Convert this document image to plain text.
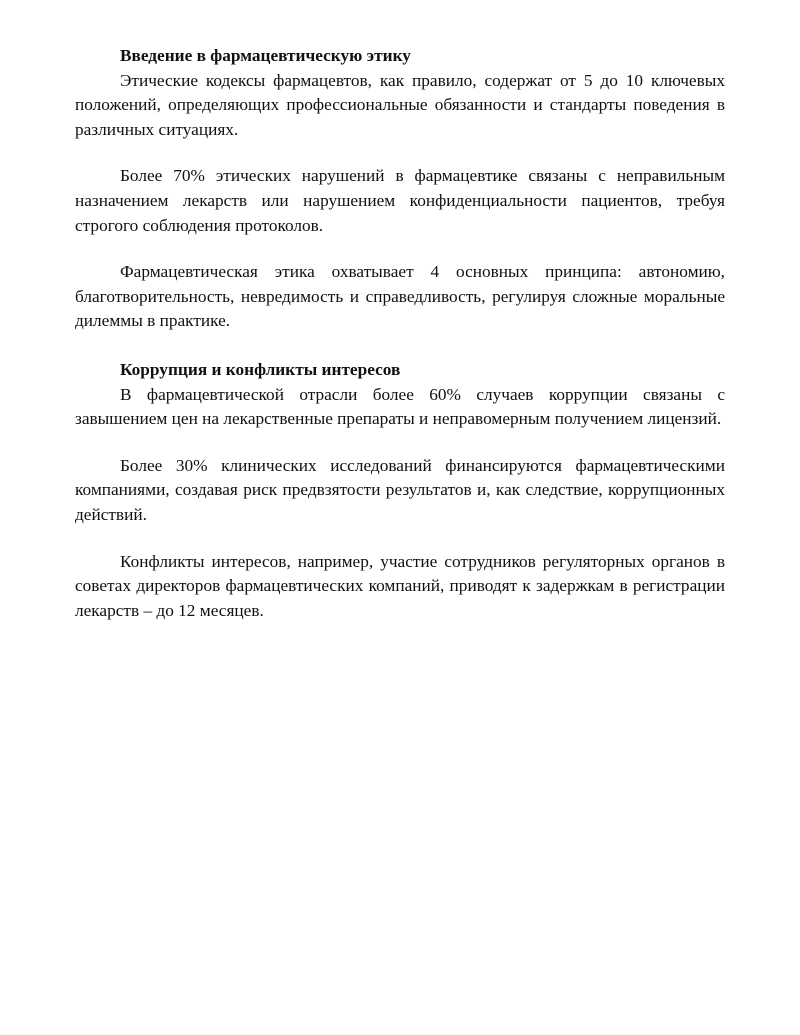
Введение в фармацевтическую этику

Этические кодексы фармацевтов, как правило, содержат от 5 до 10 ключевых положений, определяющих профессиональные обязанности и стандарты поведения в различных ситуациях.

Более 70% этических нарушений в фармацевтике связаны с неправильным назначением лекарств или нарушением конфиденциальности пациентов, требуя строгого соблюдения протоколов.

Фармацевтическая этика охватывает 4 основных принципа: автономию, благотворительность, невредимость и справедливость, регулируя сложные моральные дилеммы в практике.

Коррупция и конфликты интересов

В фармацевтической отрасли более 60% случаев коррупции связаны с завышением цен на лекарственные препараты и неправомерным получением лицензий.

Более 30% клинических исследований финансируются фармацевтическими компаниями, создавая риск предвзятости результатов и, как следствие, коррупционных действий.

Конфликты интересов, например, участие сотрудников регуляторных органов в советах директоров фармацевтических компаний, приводят к задержкам в регистрации лекарств – до 12 месяцев.
